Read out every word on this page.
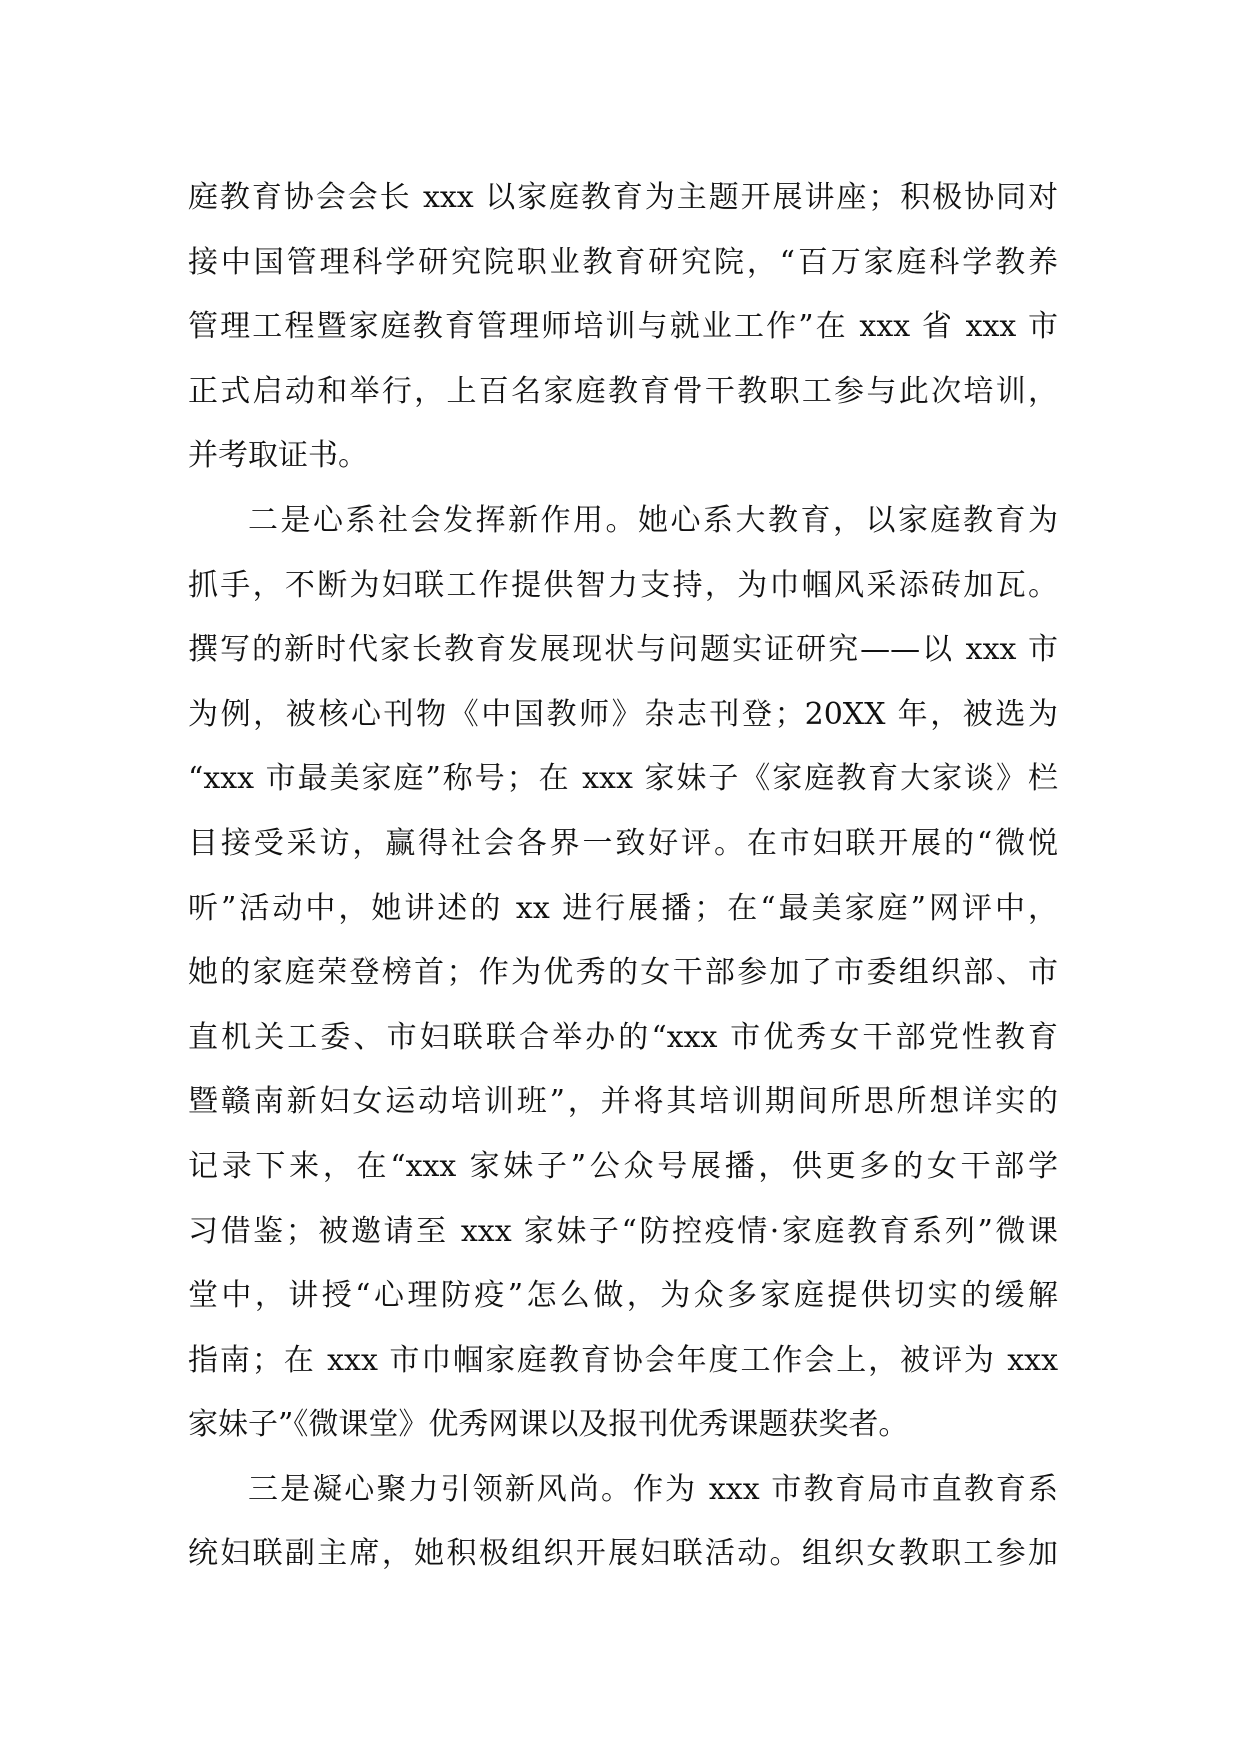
庭教育协会会长 xxx 以家庭教育为主题开展讲座；积极协同对
接中国管理科学研究院职业教育研究院，“百万家庭科学教养
管理工程暨家庭教育管理师培训与就业工作”在 xxx 省 xxx 市
正式启动和举行，上百名家庭教育骨干教职工参与此次培训，
并考取证书。
二是心系社会发挥新作用。她心系大教育，以家庭教育为
抓手，不断为妇联工作提供智力支持，为巾帼风采添砖加瓦。
撰写的新时代家长教育发展现状与问题实证研究——以 xxx 市
为例，被核心刊物《中国教师》杂志刊登；20XX 年，被选为
“xxx 市最美家庭”称号；在 xxx 家妹子《家庭教育大家谈》栏
目接受采访，赢得社会各界一致好评。在市妇联开展的“微悦
听”活动中，她讲述的 xx 进行展播；在“最美家庭”网评中，
她的家庭荣登榜首；作为优秀的女干部参加了市委组织部、市
直机关工委、市妇联联合举办的“xxx 市优秀女干部党性教育
暨赣南新妇女运动培训班”，并将其培训期间所思所想详实的
记录下来，在“xxx 家妹子”公众号展播，供更多的女干部学
习借鉴；被邀请至 xxx 家妹子“防控疫情·家庭教育系列”微课
堂中，讲授“心理防疫”怎么做，为众多家庭提供切实的缓解
指南；在 xxx 市巾帼家庭教育协会年度工作会上，被评为 xxx
家妹子”《微课堂》优秀网课以及报刊优秀课题获奖者。
三是凝心聚力引领新风尚。作为 xxx 市教育局市直教育系
统妇联副主席，她积极组织开展妇联活动。组织女教职工参加
